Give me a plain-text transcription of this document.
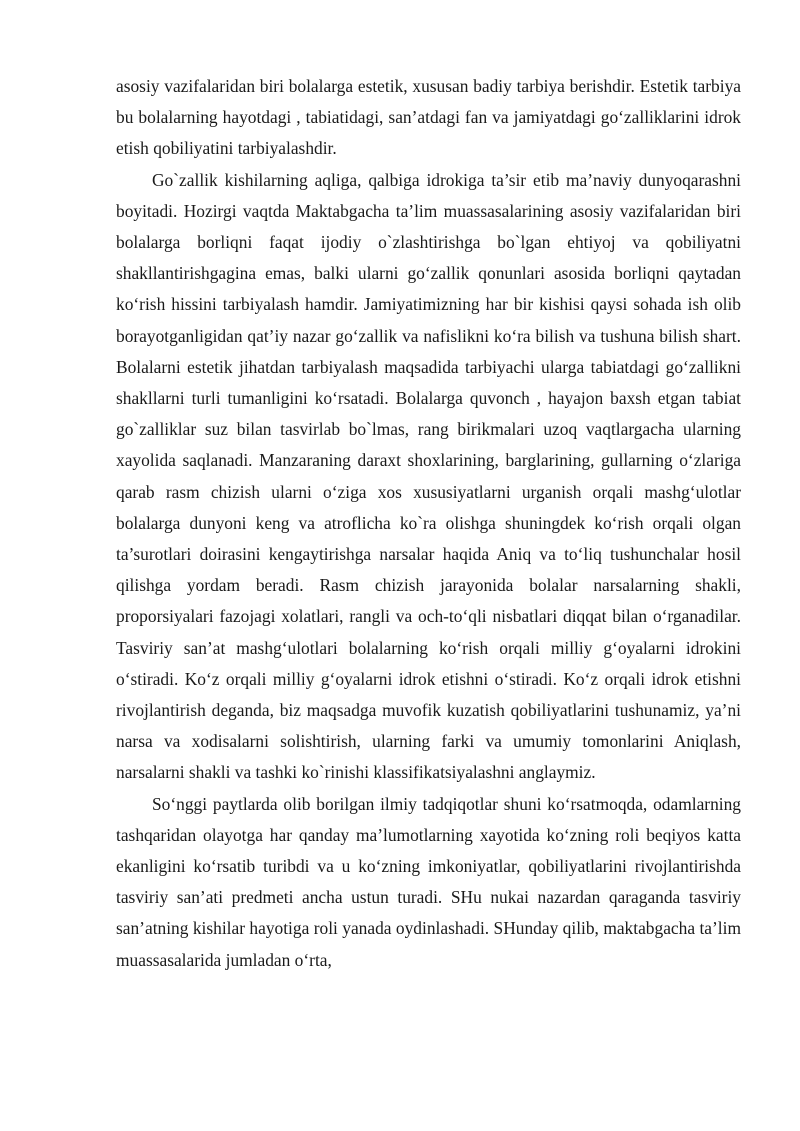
asosiy vazifalaridan biri bolalarga estetik, xususan badiy tarbiya berishdir. Estetik tarbiya bu bolalarning hayotdagi , tabiatidagi, san’atdagi fan va jamiyatdagi go‘zalliklarini idrok etish qobiliyatini tarbiyalashdir.

Go`zallik kishilarning aqliga, qalbiga idrokiga ta’sir etib ma’naviy dunyoqarashni boyitadi. Hozirgi vaqtda Maktabgacha ta’lim muassasalarining asosiy vazifalaridan biri bolalarga borliqni faqat ijodiy o`zlashtirishga bo`lgan ehtiyoj va qobiliyatni shakllantirishgagina emas, balki ularni go‘zallik qonunlari asosida borliqni qaytadan ko‘rish hissini tarbiyalash hamdir. Jamiyatimizning har bir kishisi qaysi sohada ish olib borayotganligidan qat’iy nazar go‘zallik va nafislikni ko‘ra bilish va tushuna bilish shart. Bolalarni estetik jihatdan tarbiyalash maqsadida tarbiyachi ularga tabiatdagi go‘zallikni shakllarni turli tumanligini ko‘rsatadi. Bolalarga quvonch , hayajon baxsh etgan tabiat go`zalliklar suz bilan tasvirlab bo`lmas, rang birikmalari uzoq vaqtlargacha ularning xayolida saqlanadi. Manzaraning daraxt shoxlarining, barglarining, gullarning o‘zlariga qarab rasm chizish ularni o‘ziga xos xususiyatlarni urganish orqali mashg‘ulotlar bolalarga dunyoni keng va atroflicha ko`ra olishga shuningdek ko‘rish orqali olgan ta’surotlari doirasini kengaytirishga narsalar haqida Aniq va to‘liq tushunchalar hosil qilishga yordam beradi. Rasm chizish jarayonida bolalar narsalarning shakli, proporsiyalari fazojagi xolatlari, rangli va och-to‘qli nisbatlari diqqat bilan o‘rganadilar. Tasviriy san’at mashg‘ulotlari bolalarning ko‘rish orqali milliy g‘oyalarni idrokini o‘stiradi. Ko‘z orqali milliy g‘oyalarni idrok etishni o‘stiradi. Ko‘z orqali idrok etishni rivojlantirish deganda, biz maqsadga muvofik kuzatish qobiliyatlarini tushunamiz, ya’ni narsa va xodisalarni solishtirish, ularning farki va umumiy tomonlarini Aniqlash, narsalarni shakli va tashki ko`rinishi klassifikatsiyalashni anglaymiz.

So‘nggi paytlarda olib borilgan ilmiy tadqiqotlar shuni ko‘rsatmoqda, odamlarning tashqaridan olayotga har qanday ma’lumotlarning xayotida ko‘zning roli beqiyos katta ekanligini ko‘rsatib turibdi va u ko‘zning imkoniyatlar, qobiliyatlarini rivojlantirishda tasviriy san’ati predmeti ancha ustun turadi. SHu nukai nazardan qaraganda tasviriy san’atning kishilar hayotiga roli yanada oydinlashadi. SHunday qilib, maktabgacha ta’lim muassasalarida jumladan o‘rta,
